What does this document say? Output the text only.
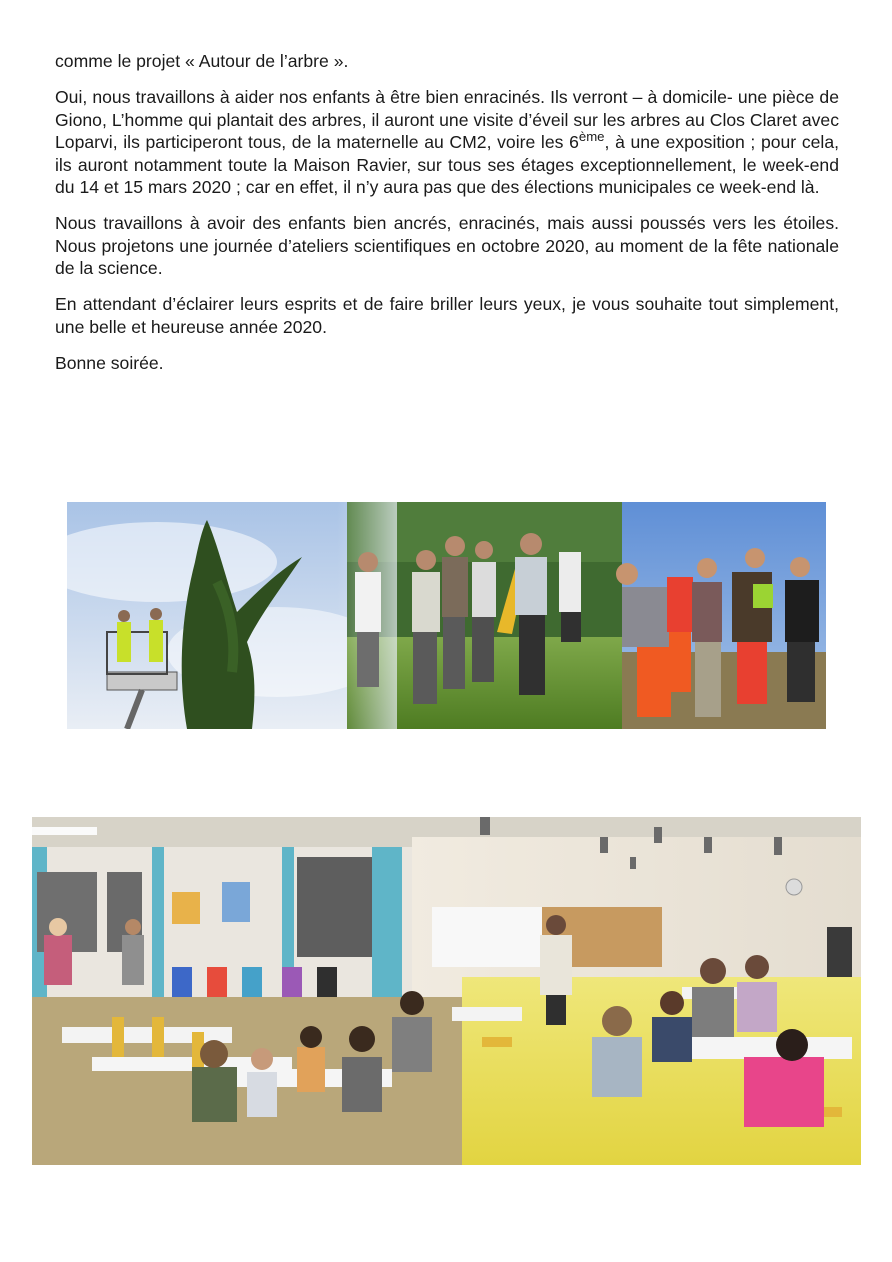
comme le projet « Autour de l’arbre ».

Oui, nous travaillons à aider nos enfants à être bien enracinés. Ils verront – à domicile- une pièce de Giono, L’homme qui plantait des arbres, il auront une visite d’éveil sur les arbres au Clos Claret avec Loparvi, ils participeront tous, de la maternelle au CM2, voire les 6ème, à une exposition ; pour cela, ils auront notamment toute la Maison Ravier, sur tous ses étages exceptionnellement, le week-end du 14 et 15 mars 2020 ; car en effet, il n’y aura pas que des élections municipales ce week-end là.

Nous travaillons à avoir des enfants bien ancrés, enracinés, mais aussi poussés vers les étoiles. Nous projetons une journée d’ateliers scientifiques en octobre 2020, au moment de la fête nationale de la science.

En attendant d’éclairer leurs esprits et de faire briller leurs yeux, je vous souhaite tout simplement, une belle et heureuse année 2020.

Bonne soirée.
